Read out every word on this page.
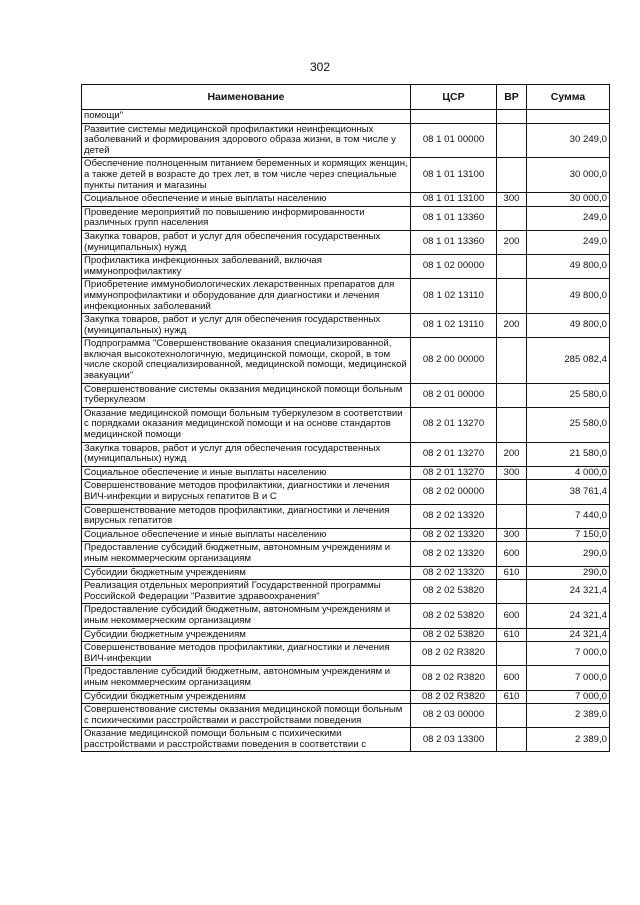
302
Наименование	ЦСР	ВР	Сумма
помощи"			
Развитие системы медицинской профилактики неинфекционных заболеваний и формирования здорового образа жизни, в том числе у детей	08 1 01 00000		30 249,0
Обеспечение полноценным питанием беременных и кормящих женщин, а также детей в возрасте до трех лет, в том числе через специальные пункты питания и магазины	08 1 01 13100		30 000,0
Социальное обеспечение и иные выплаты населению	08 1 01 13100	300	30 000,0
Проведение мероприятий по повышению информированности различных групп населения	08 1 01 13360		249,0
Закупка товаров, работ и услуг для обеспечения государственных (муниципальных) нужд	08 1 01 13360	200	249,0
Профилактика инфекционных заболеваний, включая иммунопрофилактику	08 1 02 00000		49 800,0
Приобретение иммунобиологических лекарственных препаратов для иммунопрофилактики и оборудование для диагностики и лечения инфекционных заболеваний	08 1 02 13110		49 800,0
Закупка товаров, работ и услуг для обеспечения государственных (муниципальных) нужд	08 1 02 13110	200	49 800,0
Подпрограмма "Совершенствование оказания специализированной, включая высокотехнологичную, медицинской помощи, скорой, в том числе скорой специализированной, медицинской помощи, медицинской эвакуации"	08 2 00 00000		285 082,4
Совершенствование системы оказания медицинской помощи больным туберкулезом	08 2 01 00000		25 580,0
Оказание медицинской помощи больным туберкулезом в соответствии с порядками оказания медицинской помощи и на основе стандартов медицинской помощи	08 2 01 13270		25 580,0
Закупка товаров, работ и услуг для обеспечения государственных (муниципальных) нужд	08 2 01 13270	200	21 580,0
Социальное обеспечение и иные выплаты населению	08 2 01 13270	300	4 000,0
Совершенствование методов профилактики, диагностики и лечения ВИЧ-инфекции и вирусных гепатитов В и С	08 2 02 00000		38 761,4
Совершенствование методов профилактики, диагностики и лечения вирусных гепатитов	08 2 02 13320		7 440,0
Социальное обеспечение и иные выплаты населению	08 2 02 13320	300	7 150,0
Предоставление субсидий бюджетным, автономным учреждениям и иным некоммерческим организациям	08 2 02 13320	600	290,0
Субсидии бюджетным учреждениям	08 2 02 13320	610	290,0
Реализация отдельных мероприятий Государственной программы Российской Федерации "Развитие здравоохранения"	08 2 02 53820		24 321,4
Предоставление субсидий бюджетным, автономным учреждениям и иным некоммерческим организациям	08 2 02 53820	600	24 321,4
Субсидии бюджетным учреждениям	08 2 02 53820	610	24 321,4
Совершенствование методов профилактики, диагностики и лечения ВИЧ-инфекции	08 2 02 R3820		7 000,0
Предоставление субсидий бюджетным, автономным учреждениям и иным некоммерческим организациям	08 2 02 R3820	600	7 000,0
Субсидии бюджетным учреждениям	08 2 02 R3820	610	7 000,0
Совершенствование системы оказания медицинской помощи больным с психическими расстройствами и расстройствами поведения	08 2 03 00000		2 389,0
Оказание медицинской помощи больным с психическими расстройствами и расстройствами поведения в соответствии с	08 2 03 13300		2 389,0
